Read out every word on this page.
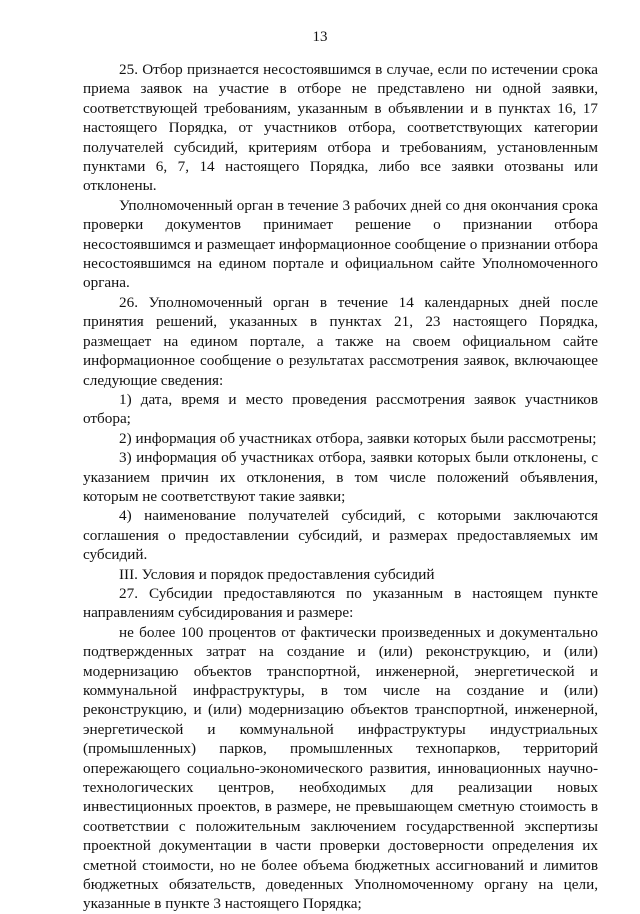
13

25. Отбор признается несостоявшимся в случае, если по истечении срока приема заявок на участие в отборе не представлено ни одной заявки, соответствующей требованиям, указанным в объявлении и в пунктах 16, 17 настоящего Порядка, от участников отбора, соответствующих категории получателей субсидий, критериям отбора и требованиям, установленным пунктами 6, 7, 14 настоящего Порядка, либо все заявки отозваны или отклонены.

Уполномоченный орган в течение 3 рабочих дней со дня окончания срока проверки документов принимает решение о признании отбора несостоявшимся и размещает информационное сообщение о признании отбора несостоявшимся на едином портале и официальном сайте Уполномоченного органа.

26. Уполномоченный орган в течение 14 календарных дней после принятия решений, указанных в пунктах 21, 23 настоящего Порядка, размещает на едином портале, а также на своем официальном сайте информационное сообщение о результатах рассмотрения заявок, включающее следующие сведения:

1) дата, время и место проведения рассмотрения заявок участников отбора;

2) информация об участниках отбора, заявки которых были рассмотрены;

3) информация об участниках отбора, заявки которых были отклонены, с указанием причин их отклонения, в том числе положений объявления, которым не соответствуют такие заявки;

4) наименование получателей субсидий, с которыми заключаются соглашения о предоставлении субсидий, и размерах предоставляемых им субсидий.

III. Условия и порядок предоставления субсидий

27. Субсидии предоставляются по указанным в настоящем пункте направлениям субсидирования и размере:

не более 100 процентов от фактически произведенных и документально подтвержденных затрат на создание и (или) реконструкцию, и (или) модернизацию объектов транспортной, инженерной, энергетической и коммунальной инфраструктуры, в том числе на создание и (или) реконструкцию, и (или) модернизацию объектов транспортной, инженерной, энергетической и коммунальной инфраструктуры индустриальных (промышленных) парков, промышленных технопарков, территорий опережающего социально-экономического развития, инновационных научно-технологических центров, необходимых для реализации новых инвестиционных проектов, в размере, не превышающем сметную стоимость в соответствии с положительным заключением государственной экспертизы проектной документации в части проверки достоверности определения их сметной стоимости, но не более объема бюджетных ассигнований и лимитов бюджетных обязательств, доведенных Уполномоченному органу на цели, указанные в пункте 3 настоящего Порядка;
